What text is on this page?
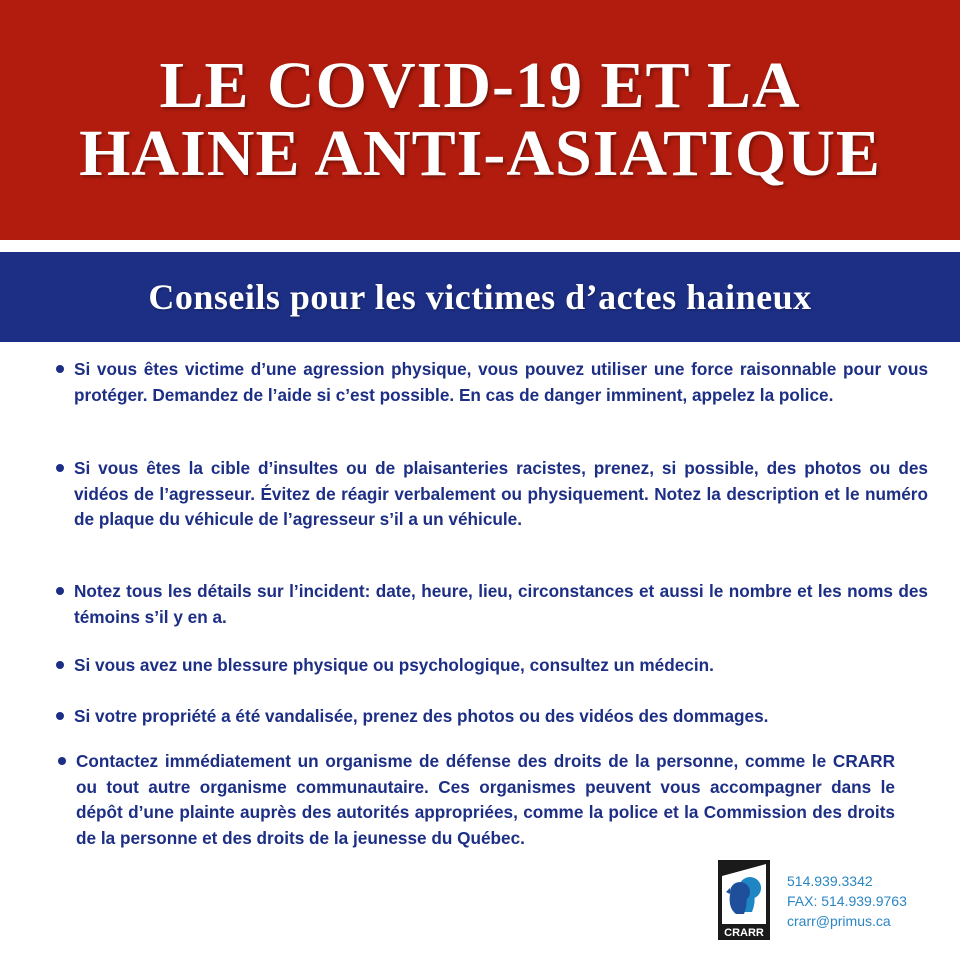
LE COVID-19 ET LA
HAINE ANTI-ASIATIQUE
Conseils pour les victimes d’actes haineux
Si vous êtes victime d’une agression physique, vous pouvez utiliser une force raisonnable pour vous protéger. Demandez de l’aide si c’est possible. En cas de danger imminent, appelez la police.
Si vous êtes la cible d’insultes ou de plaisanteries racistes, prenez, si possible, des photos ou des vidéos de l’agresseur. Évitez de réagir verbalement ou physiquement. Notez la description et le numéro de plaque du véhicule de l’agresseur s’il a un véhicule.
Notez tous les détails sur l’incident: date, heure, lieu, circonstances et aussi le nombre et les noms des témoins s’il y en a.
Si vous avez une blessure physique ou psychologique, consultez un médecin.
Si votre propriété a été vandalisée, prenez des photos ou des vidéos des dommages.
Contactez immédiatement un organisme de défense des droits de la personne, comme le CRARR ou tout autre organisme communautaire. Ces organismes peuvent vous accompagner dans le dépôt d’une plainte auprès des autorités appropriées, comme la police et la Commission des droits de la personne et des droits de la jeunesse du Québec.
CRARR
514.939.3342
FAX: 514.939.9763
crarr@primus.ca
